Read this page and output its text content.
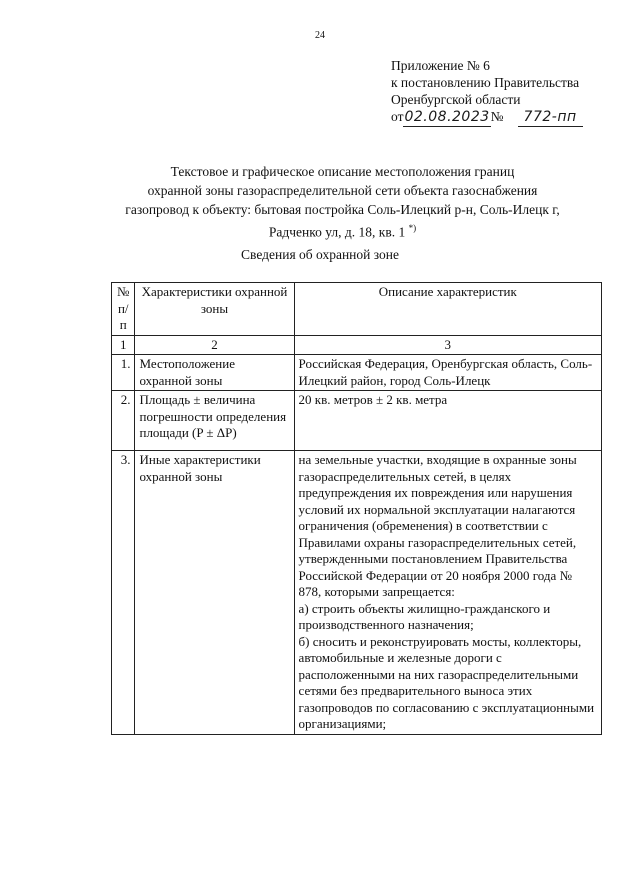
24
Приложение № 6
к постановлению Правительства
Оренбургской области
от 02.08.2023 №	772-пп
Текстовое и графическое описание местоположения границ
охранной зоны газораспределительной сети объекта газоснабжения
газопровод к объекту: бытовая постройка Соль-Илецкий р-н, Соль-Илецк г,
Радченко ул, д. 18, кв. 1 *)
Сведения об охранной зоне
№ п/п	Характеристики охранной зоны	Описание характеристик
1	2	3
1.	Местоположение охранной зоны	Российская Федерация, Оренбургская область, Соль-Илецкий район, город Соль-Илецк

2.	Площадь ± величина погрешности определения площади (P ± ΔP)	20 кв. метров ± 2 кв. метра

3.	Иные характеристики охранной зоны	на земельные участки, входящие в охранные зоны газораспределительных сетей, в целях предупреждения их повреждения или нарушения условий их нормальной эксплуатации налагаются ограничения (обременения) в соответствии с Правилами охраны газораспределительных сетей, утвержденными постановлением Правительства Российской Федерации от 20 ноября 2000 года № 878, которыми запрещается:
а) строить объекты жилищно-гражданского и производственного назначения;
б) сносить и реконструировать мосты, коллекторы, автомобильные и железные дороги с расположенными на них газораспределительными сетями без предварительного выноса этих газопроводов по согласованию с эксплуатационными организациями;
